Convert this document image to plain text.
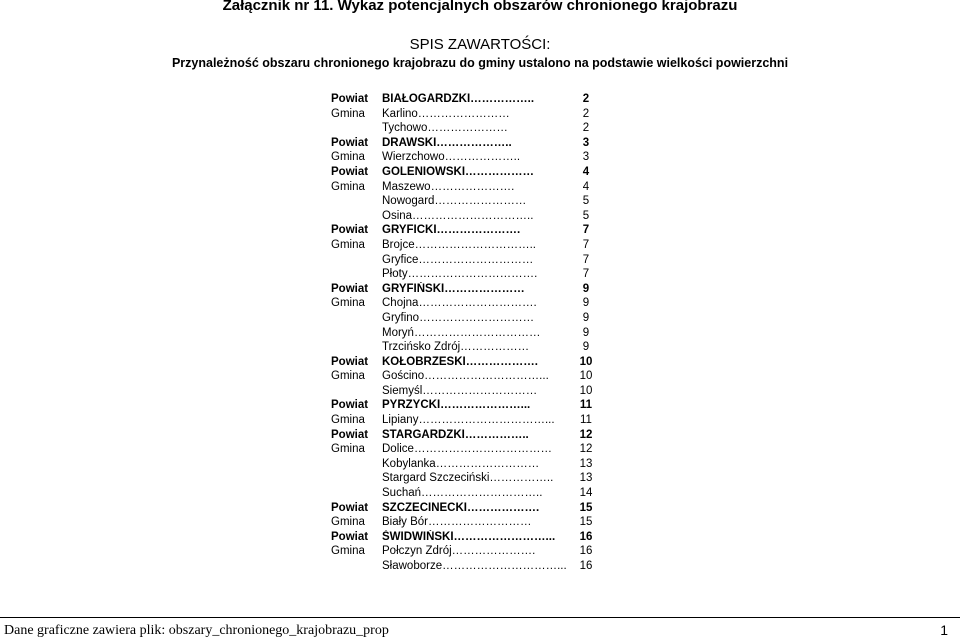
Załącznik nr 11. Wykaz potencjalnych obszarów chronionego krajobrazu
SPIS ZAWARTOŚCI:
Przynależność obszaru chronionego krajobrazu do gminy ustalono na podstawie wielkości powierzchni
Powiat BIAŁOGARDZKI……………..	2
Gmina Karlino……………………	2
Tychowo…………………	2
Powiat DRAWSKI………………..	3
Gmina Wierzchowo………………..	3
Powiat GOLENIOWSKI………………	4
Gmina Maszewo………………….	4
Nowogard……………………	5
Osina…………………………..	5
Powiat GRYFICKI………………….	7
Gmina Brojce…………………………..	7
Gryfice…………………………	7
Płoty…………………………….	7
Powiat GRYFIŃSKI…………………	9
Gmina Chojna………………………….	9
Gryfino…………………………	9
Moryń……………………………	9
Trzcińsko Zdrój………………	9
Powiat KOŁOBRZESKI……………….	10
Gmina Gościno…………………………...	10
Siemyśl…………………………	10
Powiat PYRZYCKI…………………...	11
Gmina Lipiany……………………………...	11
Powiat STARGARDZKI……………..	12
Gmina Dolice………………………………	12
Kobylanka………………………	13
Stargard Szczeciński……………..	13
Suchań…………………………..	14
Powiat SZCZECINECKI……………….	15
Gmina Biały Bór………………………	15
Powiat ŚWIDWIŃSKI……………………...	16
Gmina Połczyn Zdrój………………….	16
Sławoborze…………………………...	16
Dane graficzne zawiera plik: obszary_chronionego_krajobrazu_prop	1
